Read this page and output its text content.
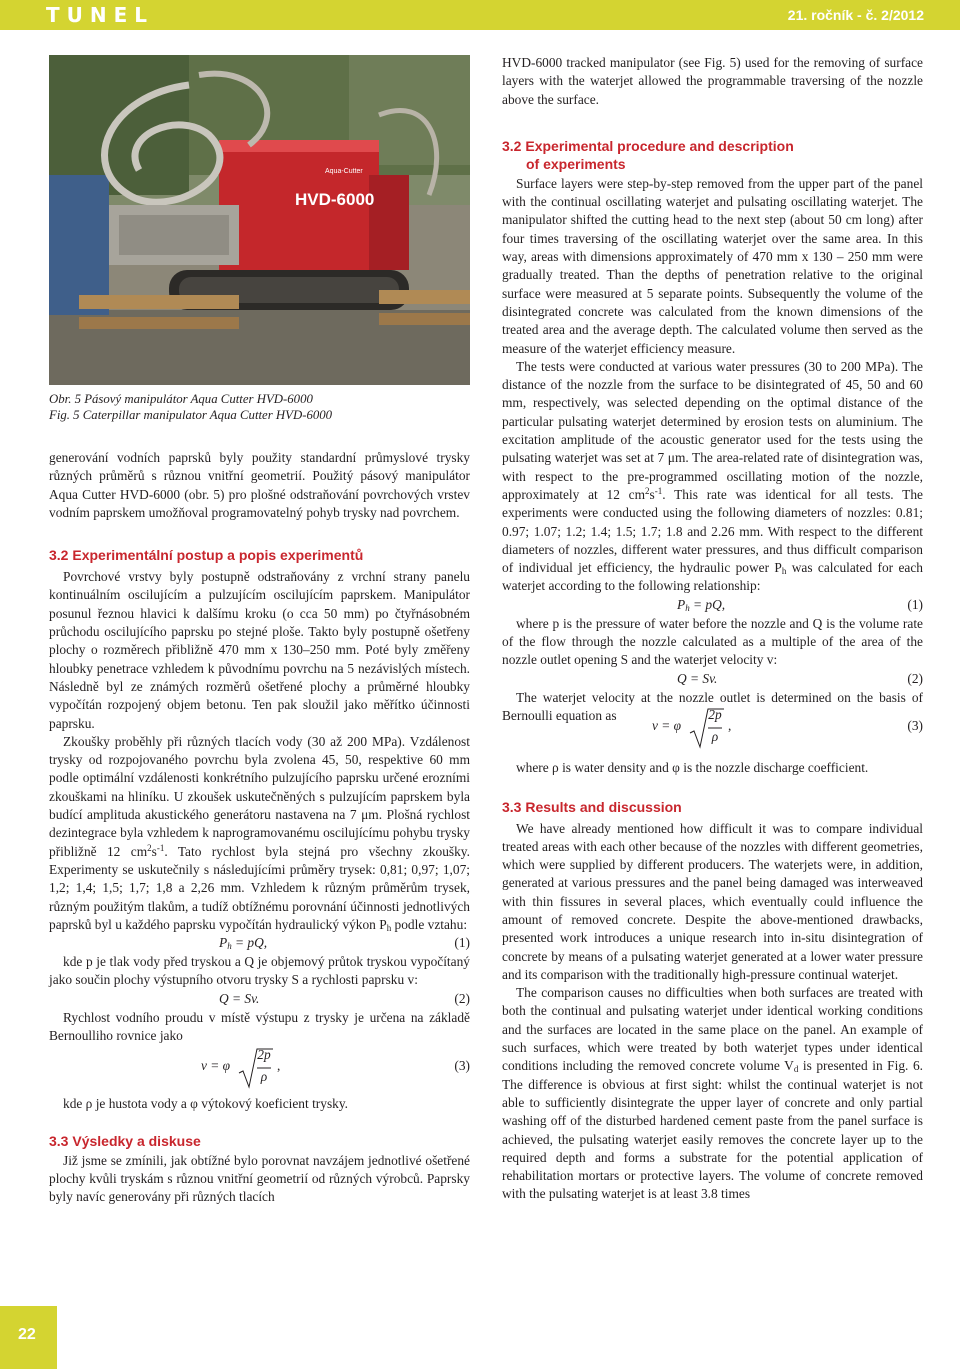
TUNEL	21. ročník - č. 2/2012
HVD-6000
Aqua-Cutter
Obr. 5 Pásový manipulátor Aqua Cutter HVD-6000
Fig. 5 Caterpillar manipulator Aqua Cutter HVD-6000

generování vodních paprsků byly použity standardní průmyslové trysky různých průměrů s různou vnitřní geometrií. Použitý pásový manipulátor Aqua Cutter HVD-6000 (obr. 5) pro plošné odstraňování povrchových vrstev vodním paprskem umožňoval programovatelný pohyb trysky nad povrchem.

3.2 Experimentální postup a popis experimentů

Povrchové vrstvy byly postupně odstraňovány z vrchní strany panelu kontinuálním oscilujícím a pulzujícím oscilujícím paprskem. Manipulátor posunul řeznou hlavici k dalšímu kroku (o cca 50 mm) po čtyřnásobném průchodu oscilujícího paprsku po stejné ploše. Takto byly postupně ošetřeny plochy o rozměrech přibližně 470 mm x 130–250 mm. Poté byly změřeny hloubky penetrace vzhledem k původnímu povrchu na 5 nezávislých místech. Následně byl ze známých rozměrů ošetřené plochy a průměrné hloubky vypočítán rozpojený objem betonu. Ten pak sloužil jako měřítko účinnosti paprsku.

Zkoušky proběhly při různých tlacích vody (30 až 200 MPa). Vzdálenost trysky od rozpojovaného povrchu byla zvolena 45, 50, respektive 60 mm podle optimální vzdálenosti konkrétního pulzujícího paprsku určené erozními zkouškami na hliníku. U zkoušek uskutečněných s pulzujícím paprskem byla budící amplituda akustického generátoru nastavena na 7 μm. Plošná rychlost dezintegrace byla vzhledem k naprogramovanému oscilujícímu pohybu trysky přibližně 12 $cm^2s^{-1}$. Tato rychlost byla stejná pro všechny zkoušky. Experimenty se uskutečnily s následujícími průměry trysek: 0,81; 0,97; 1,07; 1,2; 1,4; 1,5; 1,7; 1,8 a 2,26 mm. Vzhledem k různým průměrům trysek, různým použitým tlakům, a tudíž obtížnému porovnání účinnosti jednotlivých paprsků byl u každého paprsku vypočítán hydraulický výkon $P_h$ podle vztahu:

$P_h$ = pQ,	(1)

kde p je tlak vody před tryskou a Q je objemový průtok tryskou vypočítaný jako součin plochy výstupního otvoru trysky S a rychlosti paprsku v:

Q = Sv.	(2)

Rychlost vodního proudu v místě výstupu z trysky je určena na základě Bernoulliho rovnice jako

v = φ
2p
ρ
,	(3)

kde ρ je hustota vody a φ výtokový koeficient trysky.

3.3 Výsledky a diskuse

Již jsme se zmínili, jak obtížné bylo porovnat navzájem jednotlivé ošetřené plochy kvůli tryskám s různou vnitřní geometrií od různých výrobců. Paprsky byly navíc generovány při různých tlacích

HVD-6000 tracked manipulator (see Fig. 5) used for the removing of surface layers with the waterjet allowed the programmable traversing of the nozzle above the surface.

3.2 Experimental procedure and description
of experiments

Surface layers were step-by-step removed from the upper part of the panel with the continual oscillating waterjet and pulsating oscillating waterjet. The manipulator shifted the cutting head to the next step (about 50 cm long) after four times traversing of the oscillating waterjet over the same area. In this way, areas with dimensions approximately of 470 mm x 130 – 250 mm were gradually treated. Than the depths of penetration relative to the original surface were measured at 5 separate points. Subsequently the volume of the disintegrated concrete was calculated from the known dimensions of the treated area and the average depth. The calculated volume then served as the measure of the waterjet efficiency measure.

The tests were conducted at various water pressures (30 to 200 MPa). The distance of the nozzle from the surface to be disintegrated of 45, 50 and 60 mm, respectively, was selected depending on the optimal distance of the particular pulsating waterjet determined by erosion tests on aluminium. The excitation amplitude of the acoustic generator used for the tests using the pulsating waterjet was set at 7 μm. The area-related rate of disintegration was, with respect to the pre-programmed oscillating motion of the nozzle, approximately at 12 $cm^2s^{-1}$. This rate was identical for all tests. The experiments were conducted using the following diameters of nozzles: 0.81; 0.97; 1.07; 1.2; 1.4; 1.5; 1.7; 1.8 and 2.26 mm. With respect to the different diameters of nozzles, different water pressures, and thus difficult comparison of individual jet efficiency, the hydraulic power $P_h$ was calculated for each waterjet according to the following relationship:

$P_h$ = pQ,	(1)

where p is the pressure of water before the nozzle and Q is the volume rate of the flow through the nozzle calculated as a multiple of the area of the nozzle outlet opening S and the waterjet velocity v:

Q = Sv.	(2)

The waterjet velocity at the nozzle outlet is determined on the basis of Bernoulli equation as

v = φ
2p
ρ
,	(3)

where ρ is water density and φ is the nozzle discharge coefficient.

3.3 Results and discussion

We have already mentioned how difficult it was to compare individual treated areas with each other because of the nozzles with different geometries, which were supplied by different producers. The waterjets were, in addition, generated at various pressures and the panel being damaged was interweaved with thin fissures in several places, which eventually could influence the amount of removed concrete. Despite the above-mentioned drawbacks, presented work introduces a unique research into in-situ disintegration of concrete by means of a pulsating waterjet generated at a lower water pressure and its comparison with the traditionally high-pressure continual waterjet.

The comparison causes no difficulties when both surfaces are treated with both the continual and pulsating waterjet under identical working conditions and the surfaces are located in the same place on the panel. An example of such surfaces, which were treated by both waterjet types under identical conditions including the removed concrete volume $V_d$ is presented in Fig. 6. The difference is obvious at first sight: whilst the continual waterjet is not able to sufficiently disintegrate the upper layer of concrete and only partial washing off of the disturbed hardened cement paste from the panel surface is achieved, the pulsating waterjet easily removes the concrete layer up to the required depth and forms a substrate for the potential application of rehabilitation mortars or protective layers. The volume of concrete removed with the pulsating waterjet is at least 3.8 times

22
